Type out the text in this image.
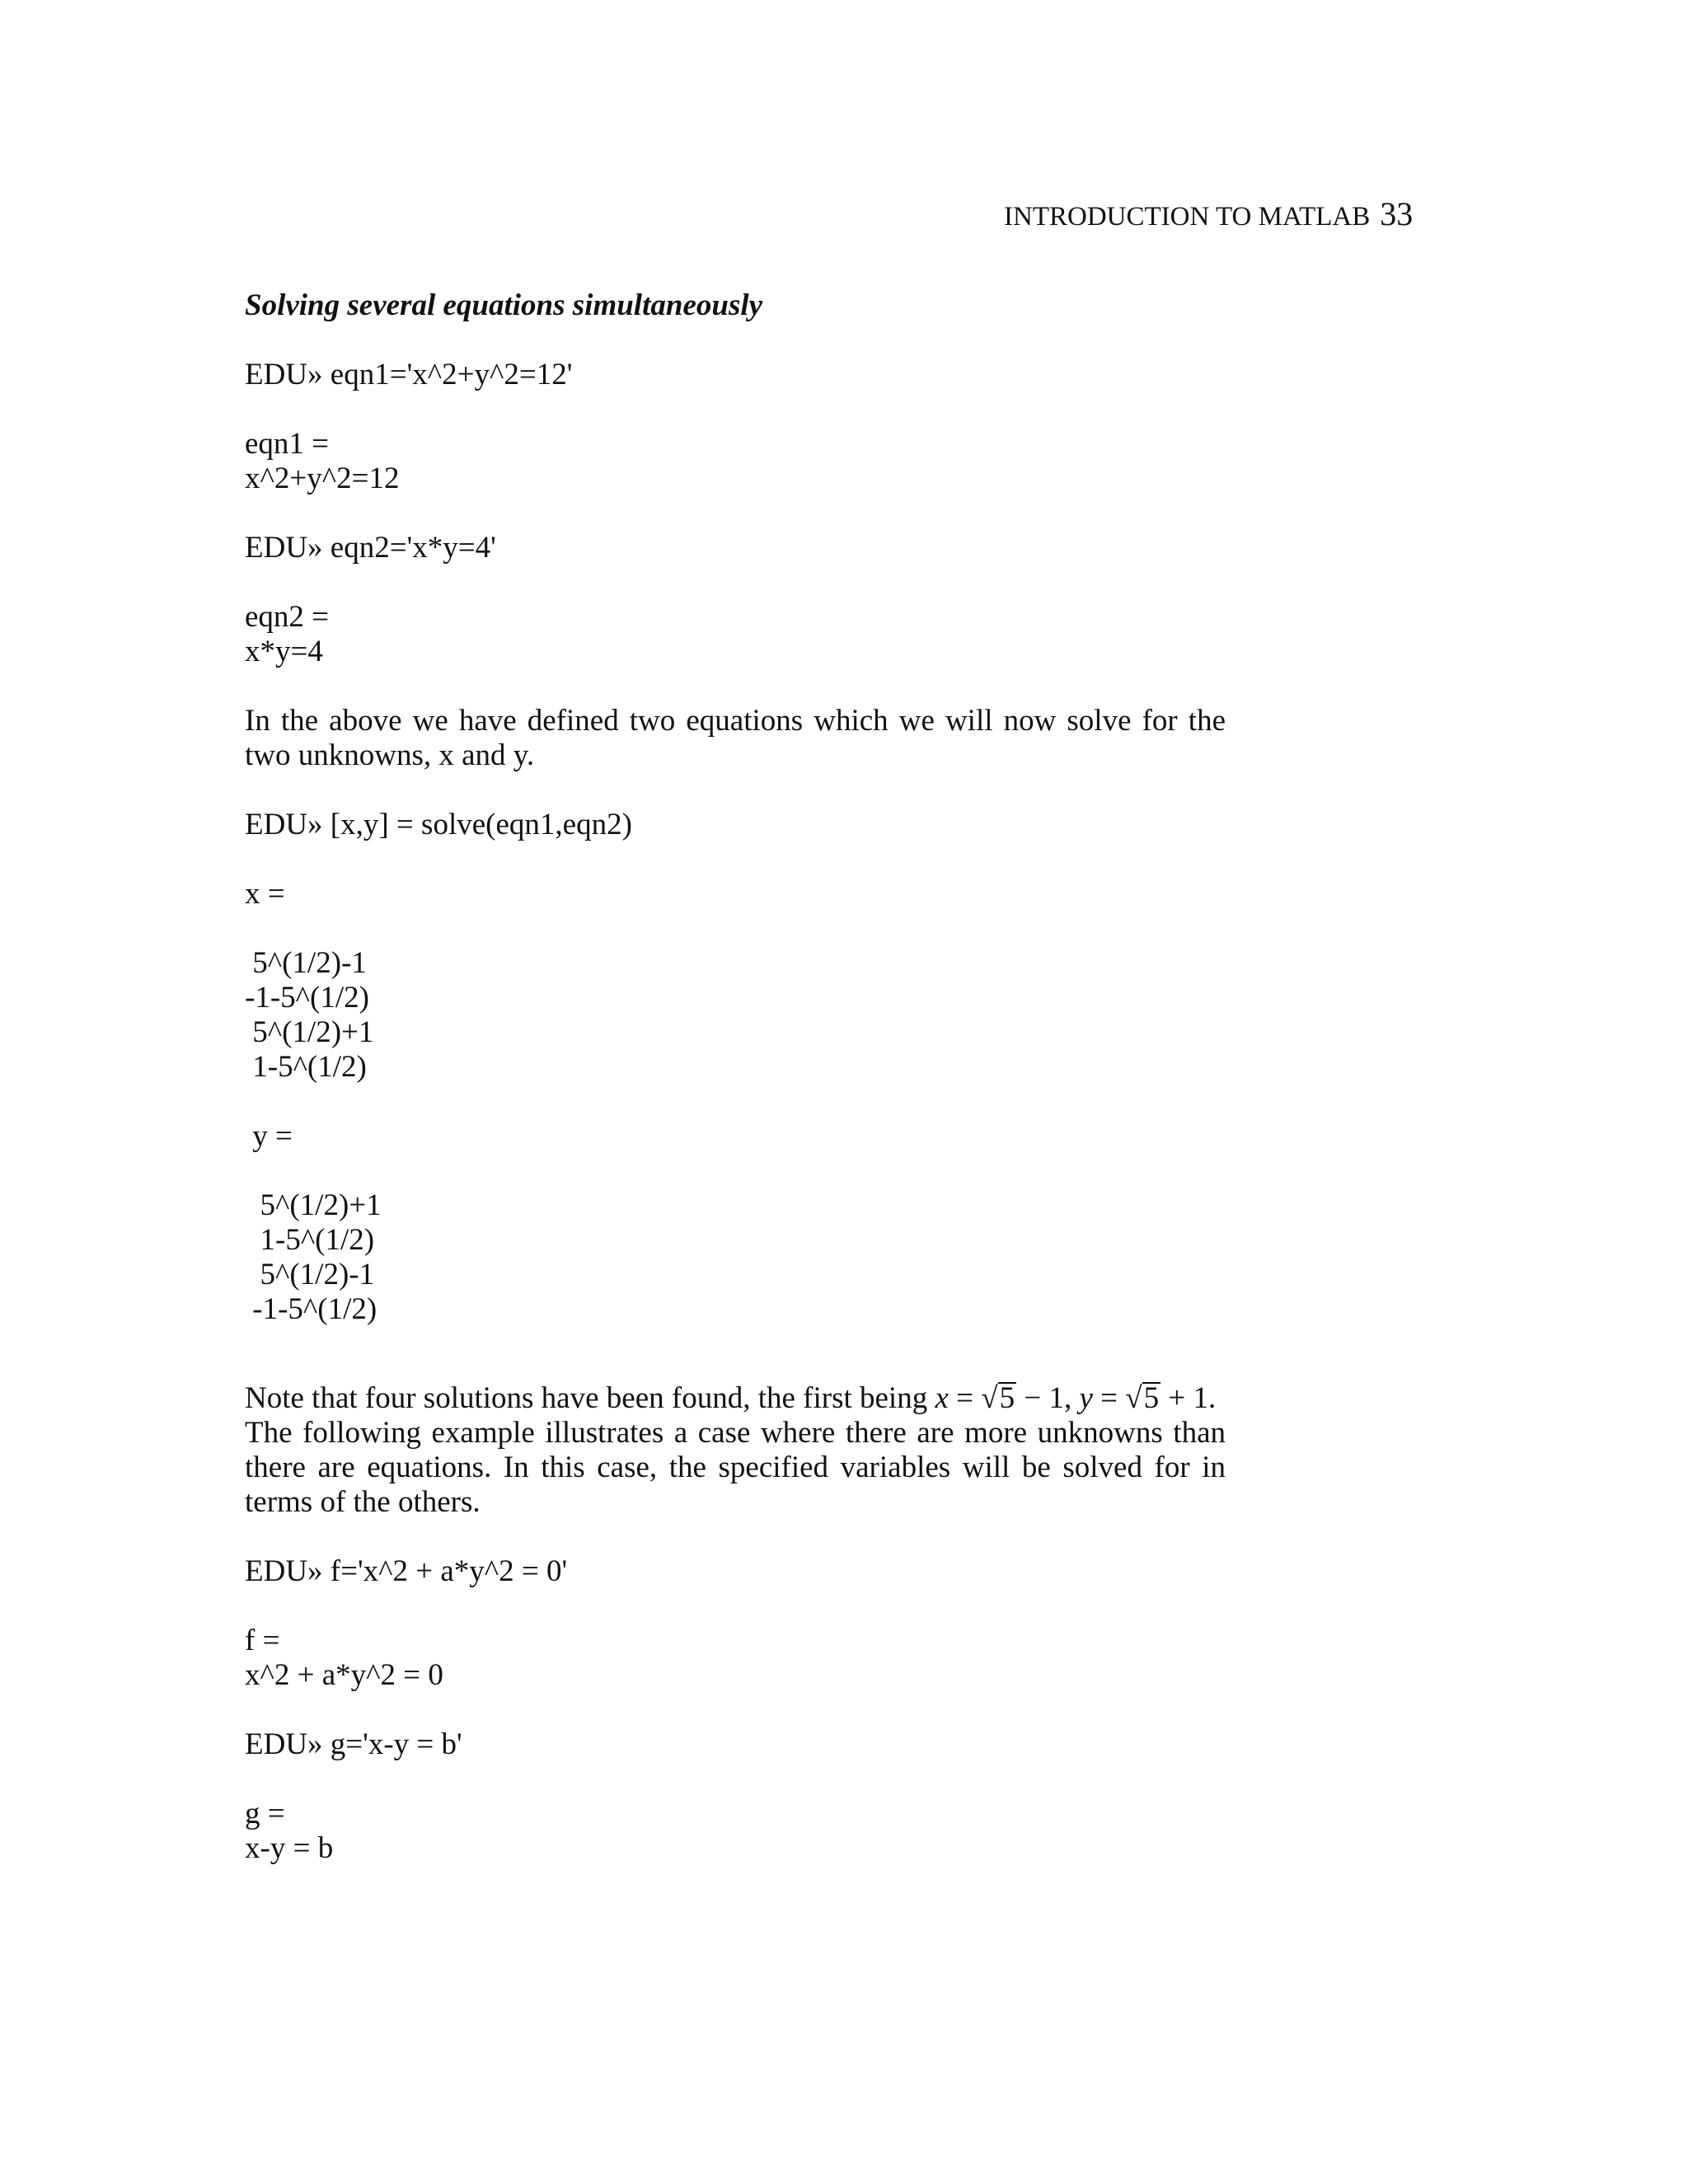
INTRODUCTION TO MATLAB 33
Solving several equations simultaneously
EDU» eqn1='x^2+y^2=12'
eqn1 =
x^2+y^2=12
EDU» eqn2='x*y=4'
eqn2 =
x*y=4
In the above we have defined two equations which we will now solve for the two unknowns, x and y.
EDU» [x,y] = solve(eqn1,eqn2)
x =
5^(1/2)-1
-1-5^(1/2)
5^(1/2)+1
1-5^(1/2)
y =
5^(1/2)+1
1-5^(1/2)
5^(1/2)-1
-1-5^(1/2)
Note that four solutions have been found, the first being x = √5 − 1, y = √5 + 1.
The following example illustrates a case where there are more unknowns than there are equations. In this case, the specified variables will be solved for in terms of the others.
EDU» f='x^2 + a*y^2 = 0'
f =
x^2 + a*y^2 = 0
EDU» g='x-y = b'
g =
x-y = b
